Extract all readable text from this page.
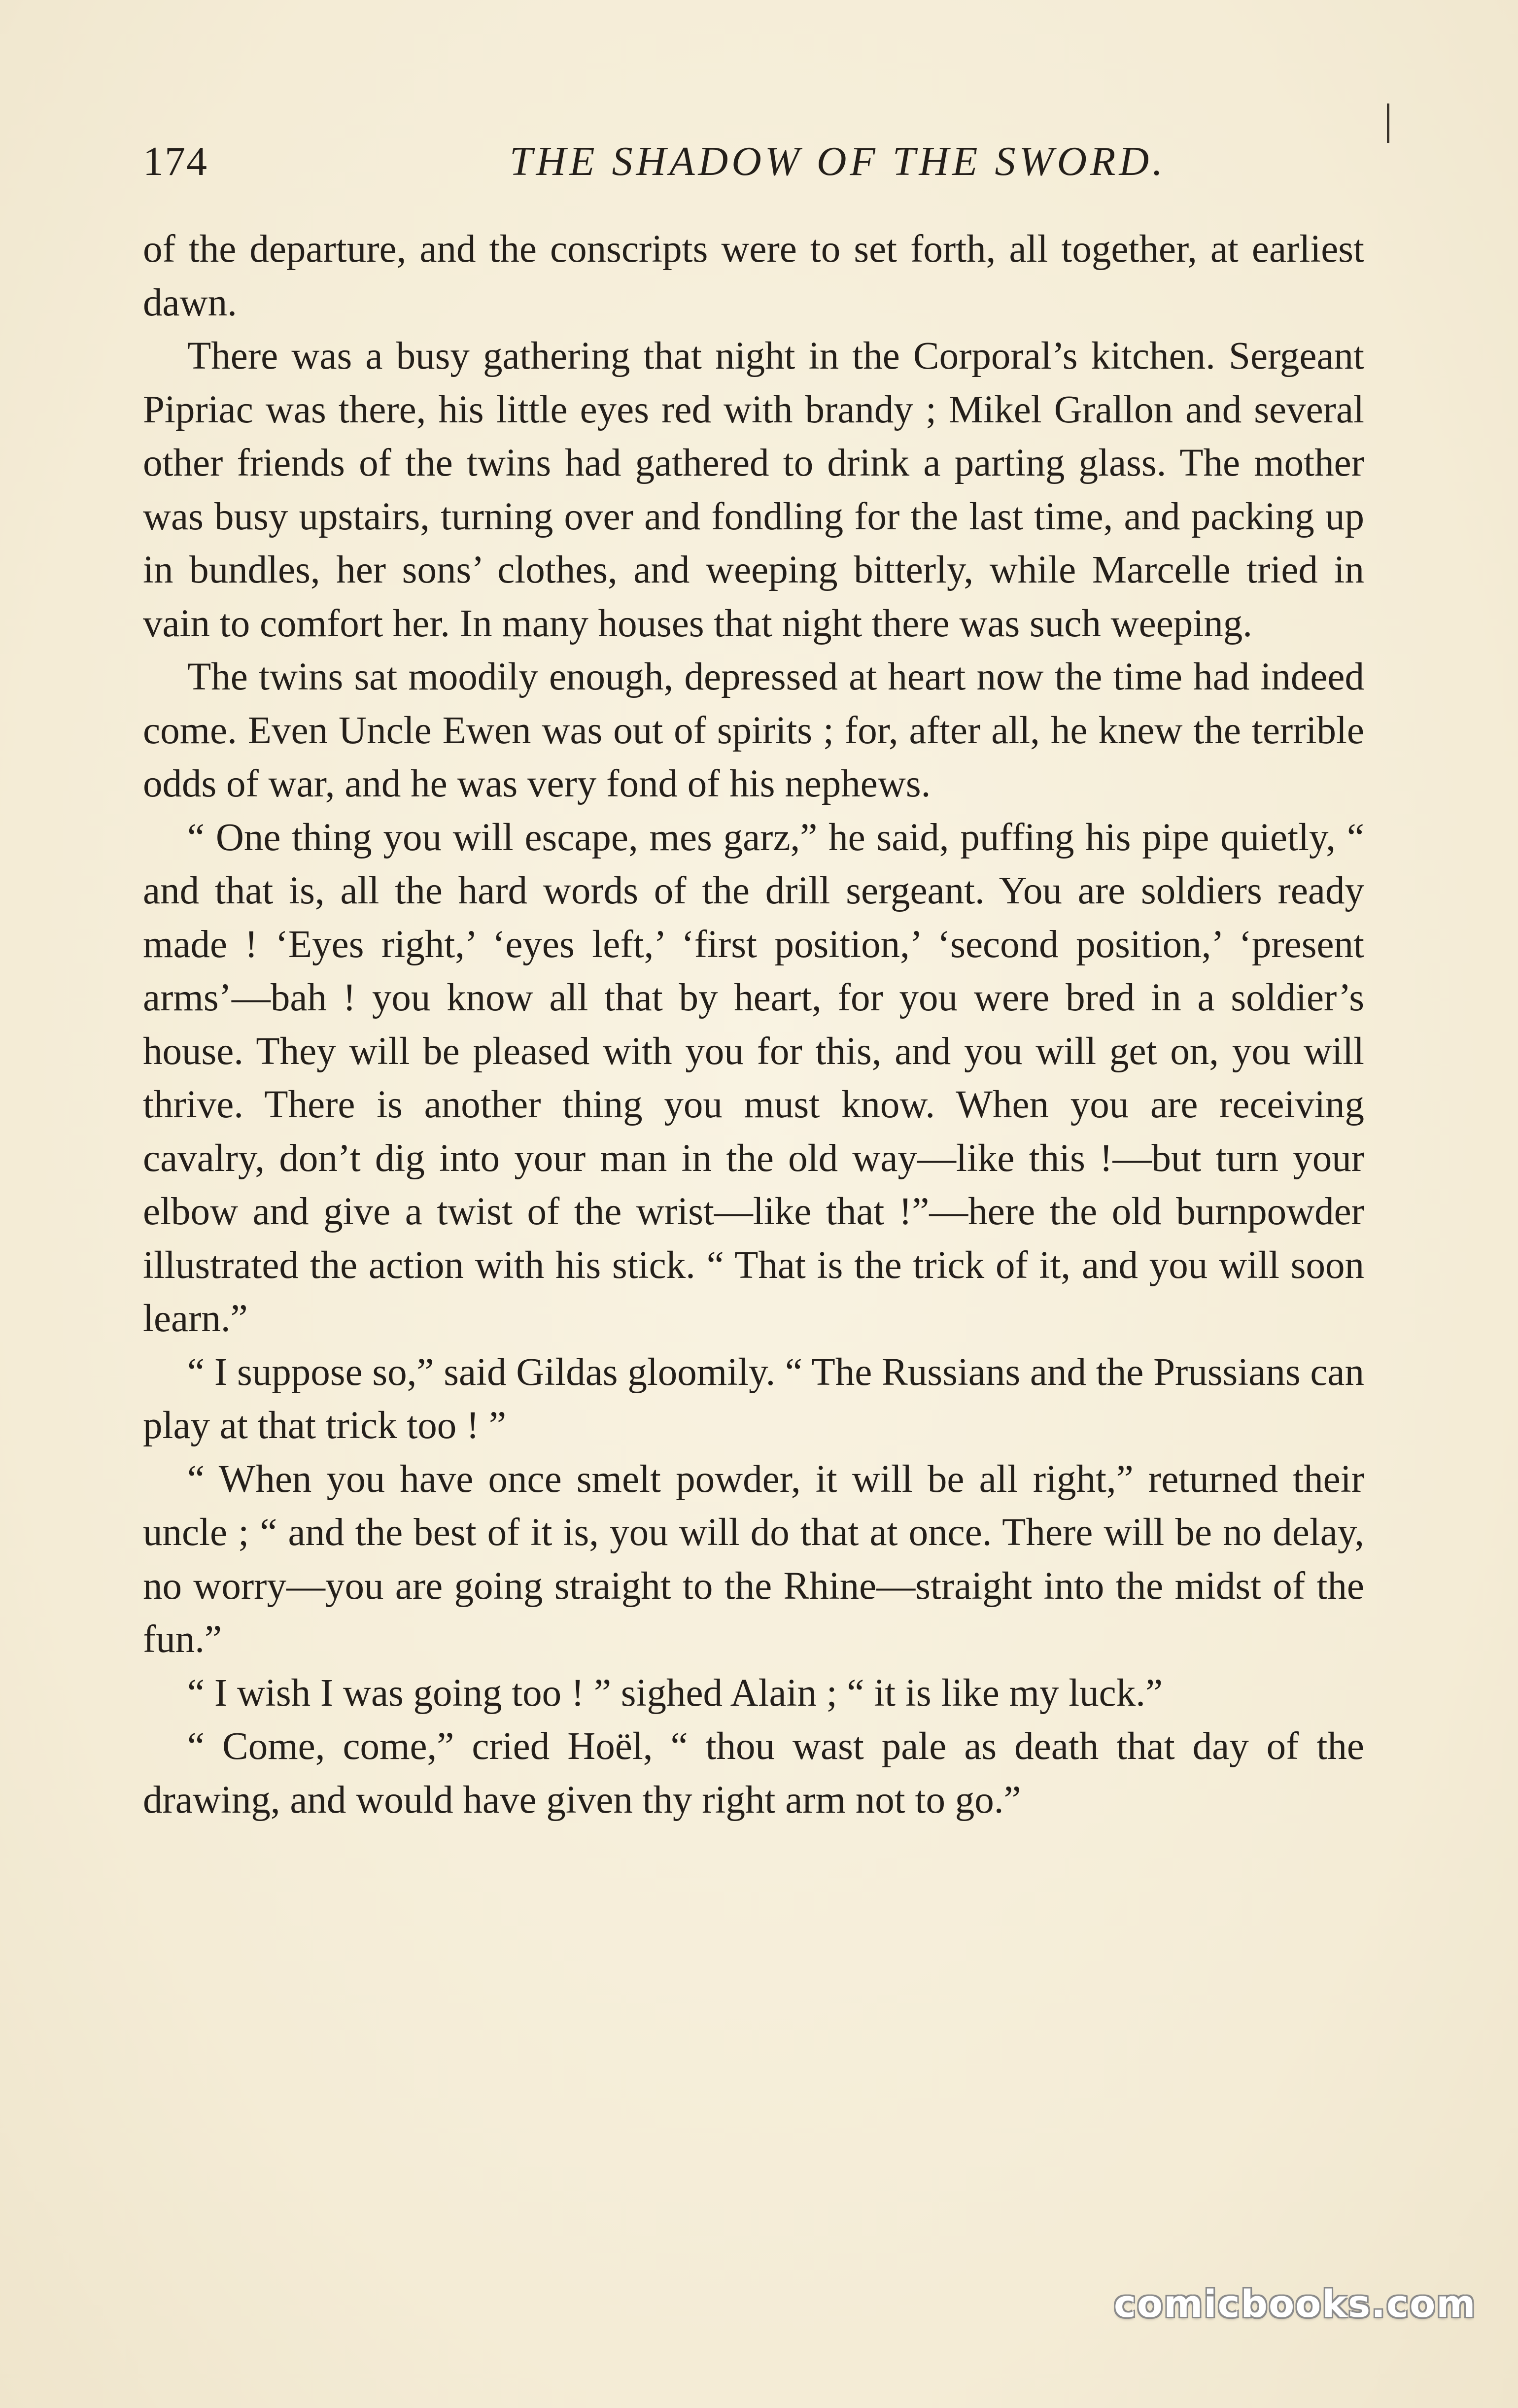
174	THE SHADOW OF THE SWORD.

of the departure, and the conscripts were to set forth, all together, at earliest dawn.

There was a busy gathering that night in the Corporal’s kitchen. Sergeant Pipriac was there, his little eyes red with brandy ; Mikel Grallon and several other friends of the twins had gathered to drink a parting glass. The mother was busy upstairs, turning over and fondling for the last time, and packing up in bundles, her sons’ clothes, and weeping bitterly, while Marcelle tried in vain to comfort her. In many houses that night there was such weeping.

The twins sat moodily enough, depressed at heart now the time had indeed come. Even Uncle Ewen was out of spirits ; for, after all, he knew the terrible odds of war, and he was very fond of his nephews.

“ One thing you will escape, mes garz,” he said, puffing his pipe quietly, “ and that is, all the hard words of the drill sergeant. You are soldiers ready made ! ‘Eyes right,’ ‘eyes left,’ ‘first position,’ ‘second position,’ ‘present arms’—bah ! you know all that by heart, for you were bred in a soldier’s house. They will be pleased with you for this, and you will get on, you will thrive. There is another thing you must know. When you are receiving cavalry, don’t dig into your man in the old way—like this !—but turn your elbow and give a twist of the wrist—like that !”—here the old burnpowder illustrated the action with his stick. “ That is the trick of it, and you will soon learn.”

“ I suppose so,” said Gildas gloomily. “ The Russians and the Prussians can play at that trick too ! ”

“ When you have once smelt powder, it will be all right,” returned their uncle ; “ and the best of it is, you will do that at once. There will be no delay, no worry—you are going straight to the Rhine—straight into the midst of the fun.”

“ I wish I was going too ! ” sighed Alain ; “ it is like my luck.”

“ Come, come,” cried Hoël, “ thou wast pale as death that day of the drawing, and would have given thy right arm not to go.”

comicbooks.com
